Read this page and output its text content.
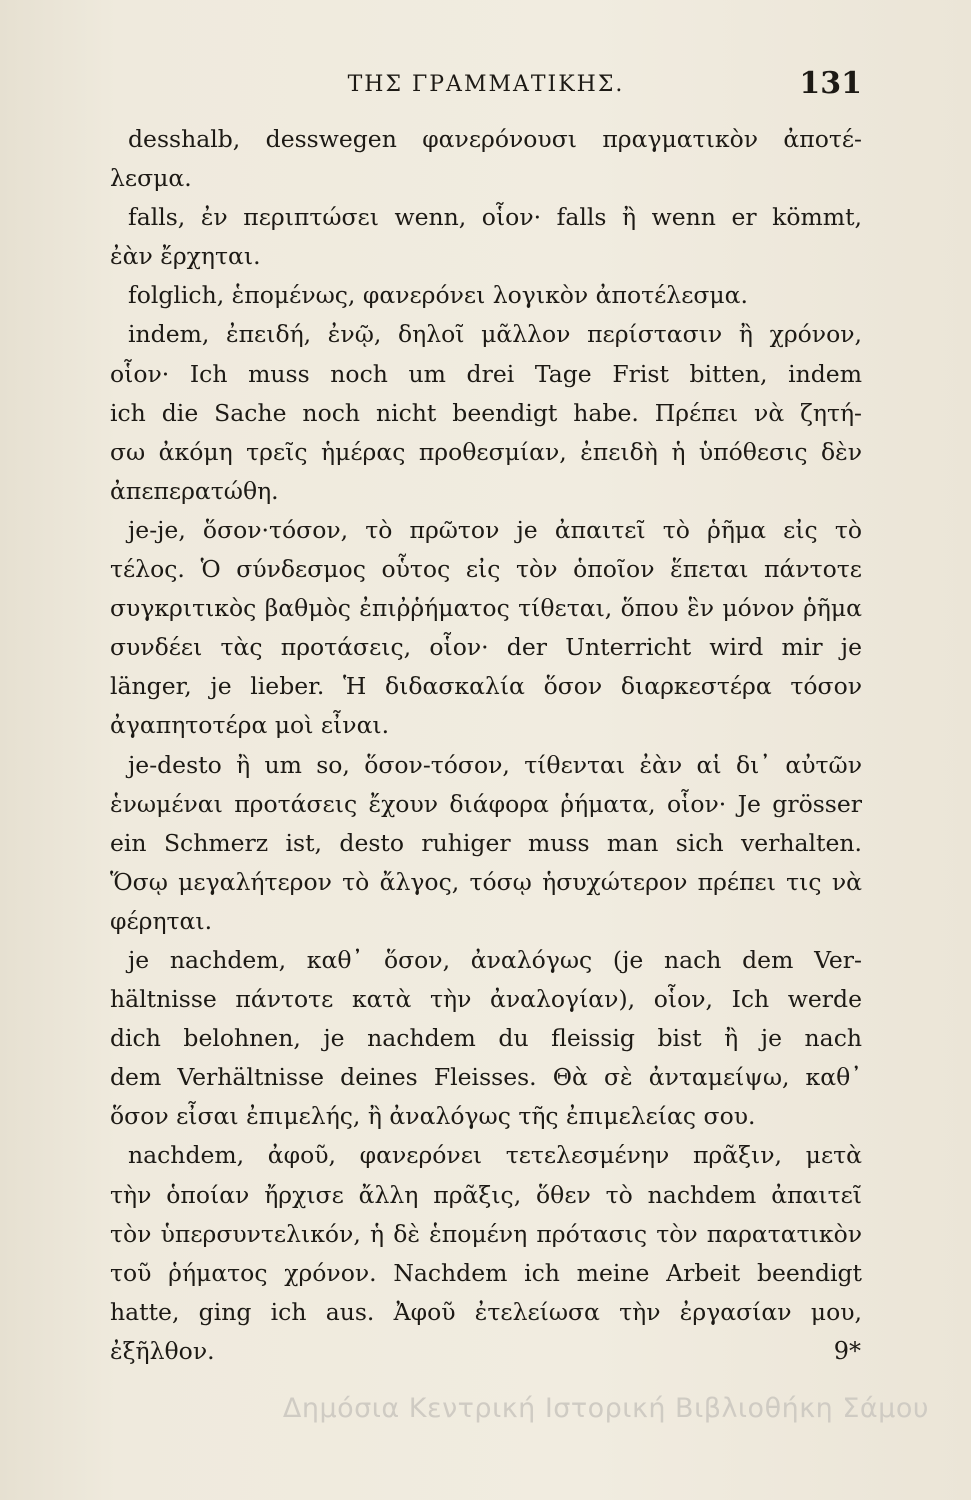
ΤΗΣ ΓΡΑΜΜΑΤΙΚΗΣ.	131
desshalb, desswegen φανερόνουσι πραγματικὸν ἀποτέ-
λεσμα.
falls, ἐν περιπτώσει wenn, οἷον· falls ἢ wenn er kömmt,
ἐὰν ἔρχηται.
folglich, ἑπομένως, φανερόνει λογικὸν ἀποτέλεσμα.
indem, ἐπειδή, ἐνῷ, δηλοῖ μᾶλλον περίστασιν ἢ χρόνον,
οἷον· Ich muss noch um drei Tage Frist bitten, indem
ich die Sache noch nicht beendigt habe. Πρέπει νὰ ζητή-
σω ἀκόμη τρεῖς ἡμέρας προθεσμίαν, ἐπειδὴ ἡ ὑπόθεσις δὲν
ἀπεπερατώθη.
je-je, ὅσον·τόσον, τὸ πρῶτον je ἀπαιτεῖ τὸ ῥῆμα εἰς τὸ
τέλος. Ὁ σύνδεσμος οὗτος εἰς τὸν ὁποῖον ἕπεται πάντοτε
συγκριτικὸς βαθμὸς ἐπιῤῥήματος τίθεται, ὅπου ἓν μόνον ῥῆμα
συνδέει τὰς προτάσεις, οἷον· der Unterricht wird mir je
länger, je lieber. Ἡ διδασκαλία ὅσον διαρκεστέρα τόσον
ἀγαπητοτέρα μοὶ εἶναι.
je-desto ἢ um so, ὅσον-τόσον, τίθενται ἐὰν αἱ δι᾽ αὐτῶν
ἑνωμέναι προτάσεις ἔχουν διάφορα ῥήματα, οἷον· Je grösser
ein Schmerz ist, desto ruhiger muss man sich verhalten.
Ὅσῳ μεγαλήτερον τὸ ἄλγος, τόσῳ ἡσυχώτερον πρέπει τις νὰ
φέρηται.
je nachdem, καθ᾽ ὅσον, ἀναλόγως (je nach dem Ver-
hältnisse πάντοτε κατὰ τὴν ἀναλογίαν), οἷον, Ich werde
dich belohnen, je nachdem du fleissig bist ἢ je nach
dem Verhältnisse deines Fleisses. Θὰ σὲ ἀνταμείψω, καθ᾽
ὅσον εἶσαι ἐπιμελής, ἢ ἀναλόγως τῆς ἐπιμελείας σου.
nachdem, ἀφοῦ, φανερόνει τετελεσμένην πρᾶξιν, μετὰ
τὴν ὁποίαν ἤρχισε ἄλλη πρᾶξις, ὅθεν τὸ nachdem ἀπαιτεῖ
τὸν ὑπερσυντελικόν, ἡ δὲ ἑπομένη πρότασις τὸν παρατατικὸν
τοῦ ῥήματος χρόνον. Nachdem ich meine Arbeit beendigt
hatte, ging ich aus. Ἀφοῦ ἐτελείωσα τὴν ἐργασίαν μου,
ἐξῆλθον.	9*
Δημόσια Κεντρική Ιστορική Βιβλιοθήκη Σάμου
